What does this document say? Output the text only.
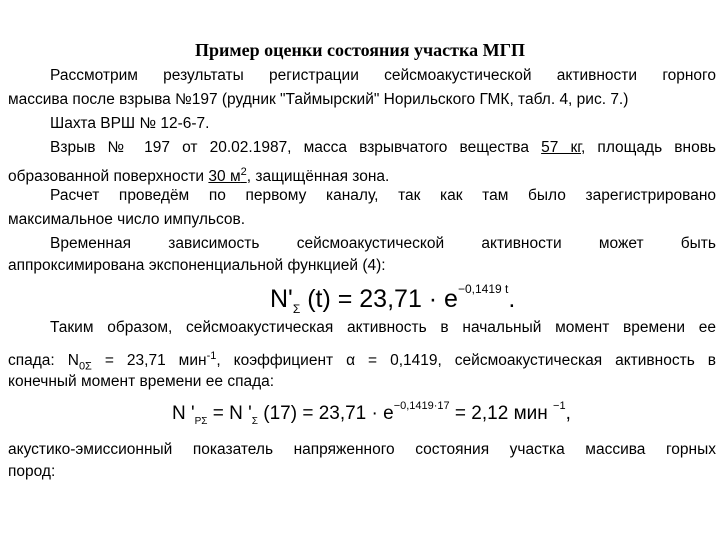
Пример оценки состояния участка МГП
Рассмотрим результаты регистрации сейсмоакустической активности горного
массива после взрыва №197 (рудник "Таймырский" Норильского ГМК, табл. 4, рис. 7.)
Шахта ВРШ № 12-6-7.
Взрыв № 197 от 20.02.1987, масса взрывчатого вещества 57 кг, площадь вновь
образованной поверхности 30 $м^2$, защищённая зона.
Расчет проведём по первому каналу, так как там было зарегистрировано
максимальное число импульсов.
Временная зависимость сейсмоакустической активности может быть
аппроксимирована экспоненциальной функцией (4):
$N'_\Sigma$ $(t) = 23,71 \cdot e^{-0,1419 t}$.
Таким образом, сейсмоакустическая активность в начальный момент времени ее
спада: $N_{0\Sigma} = 23,71$ мин$^{-1}$, коэффициент α = 0,1419, сейсмоакустическая активность в
конечный момент времени ее спада:
N '$_{P\Sigma} = N$ '$_\Sigma$ $(17) = 23,71 \cdot e^{-0,1419\cdot 17} = 2,12$ мин $^{-1}$,
акустико-эмиссионный показатель напряженного состояния участка массива горных
пород:
